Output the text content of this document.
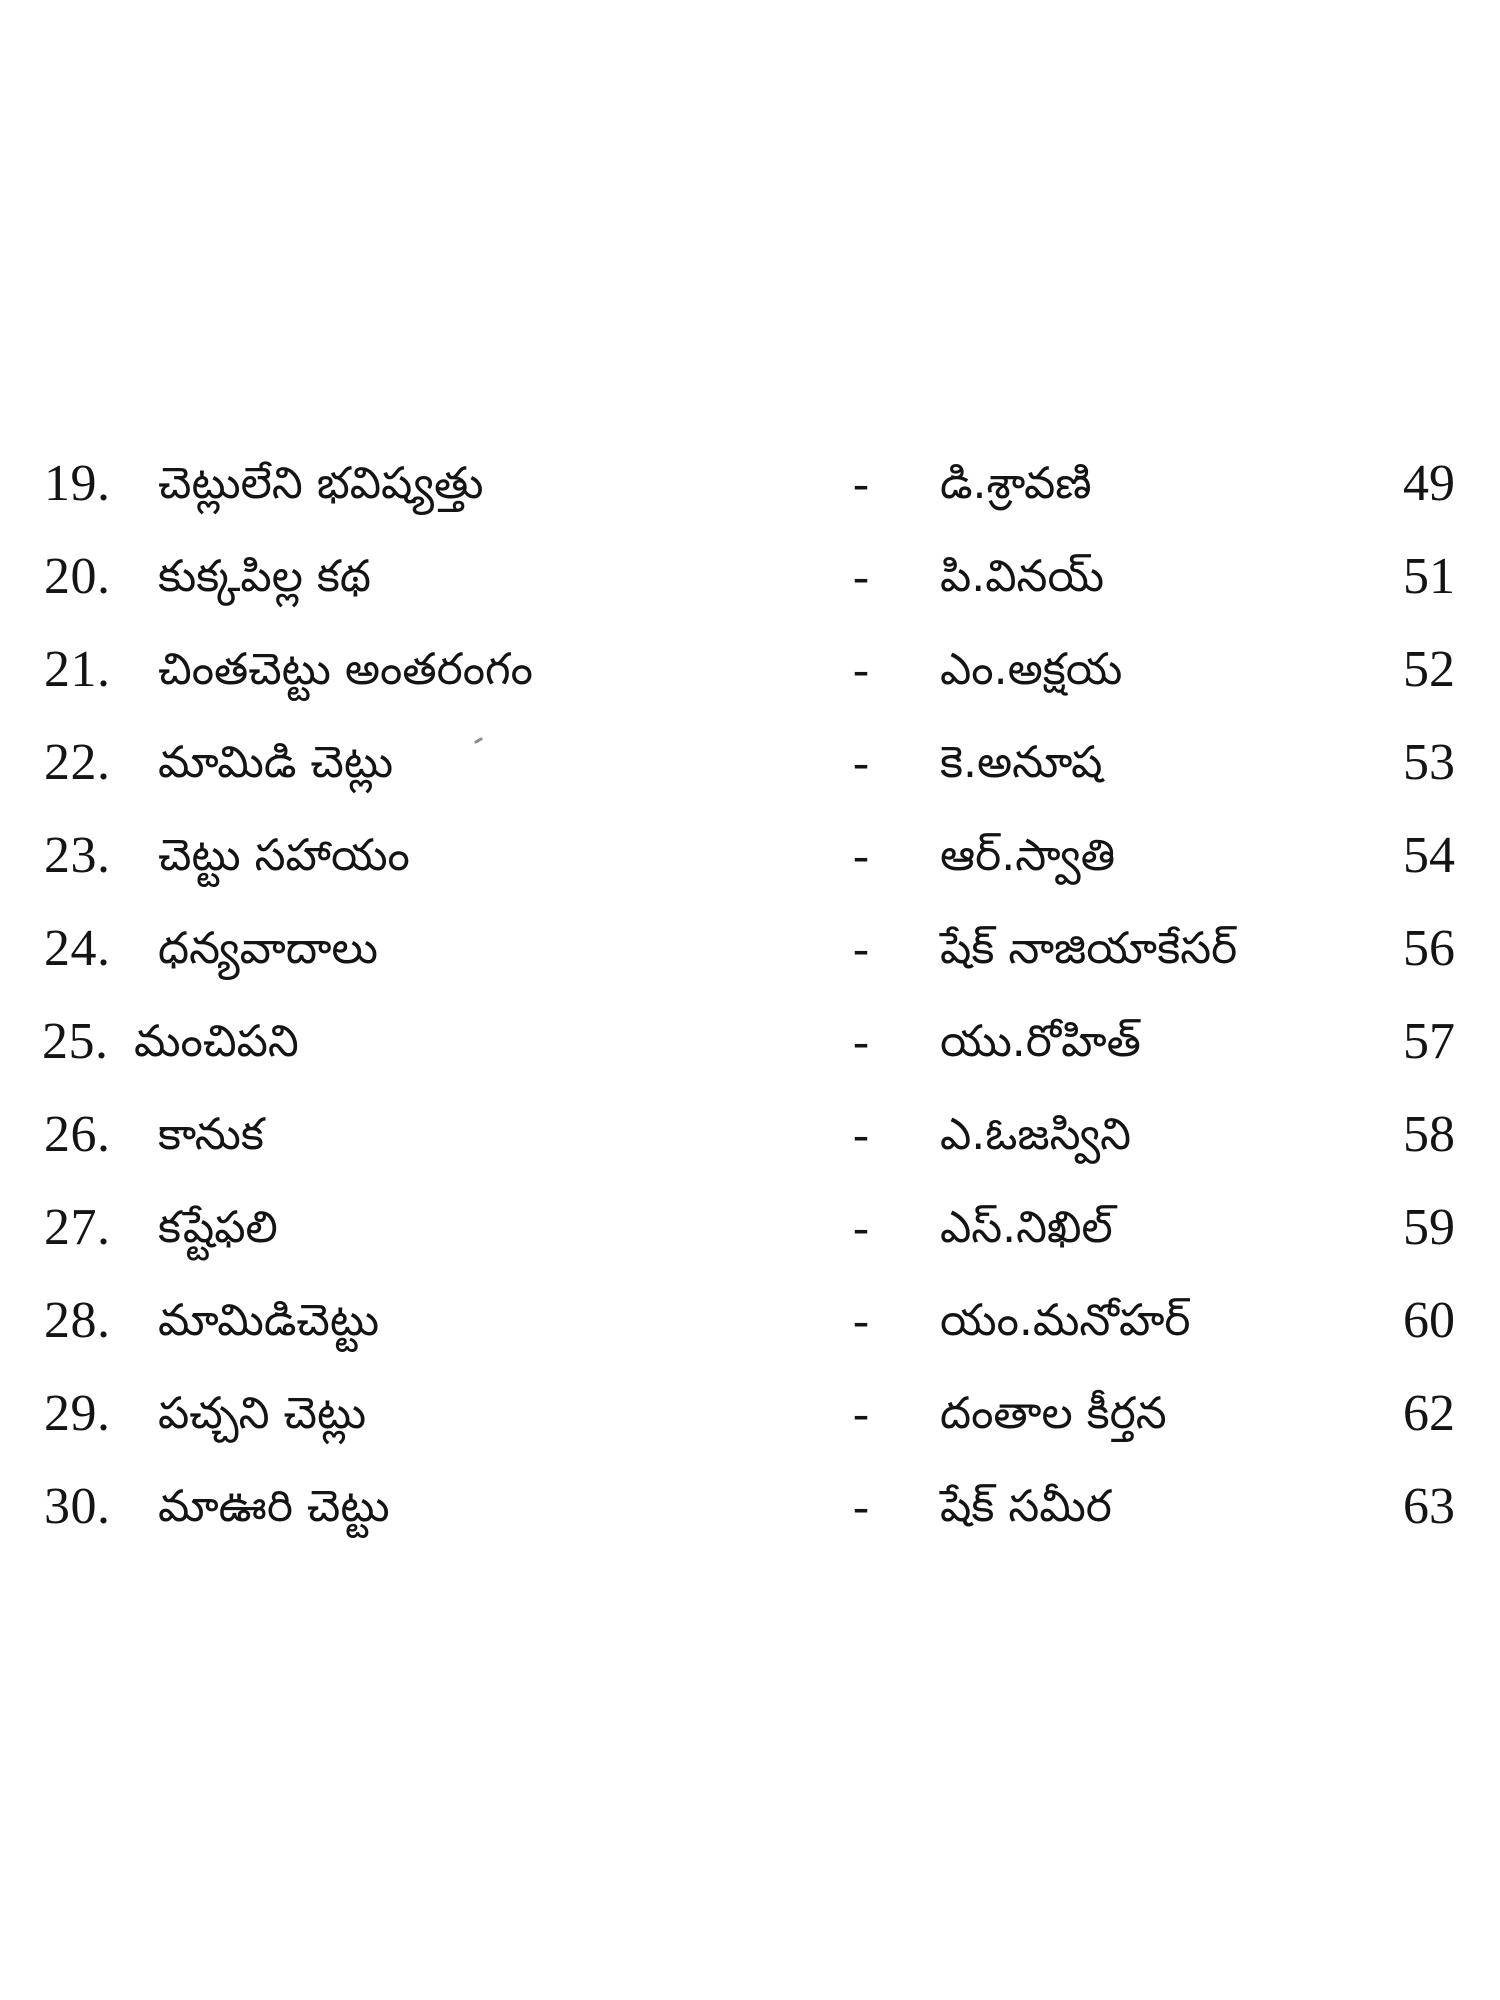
19.	చెట్లులేని భవిష్యత్తు	- డి.శ్రావణి	49
20.	కుక్కపిల్ల కథ	- పి.వినయ్	51
21.	చింతచెట్టు అంతరంగం	- ఎం.అక్షయ	52
22.	మామిడి చెట్లు	- కె.అనూష	53
23.	చెట్టు సహాయం	- ఆర్.స్వాతి	54
24.	ధన్యవాదాలు	- షేక్ నాజియాకేసర్	56
25. మంచిపని	- యు.రోహిత్	57
26.	కానుక	- ఎ.ఓజస్విని	58
27.	కష్టేఫలి	- ఎస్.నిఖిల్	59
28.	మామిడిచెట్టు	- యం.మనోహర్	60
29.	పచ్చని చెట్లు	- దంతాల కీర్తన	62
30.	మాఊరి చెట్టు	- షేక్ సమీర	63
